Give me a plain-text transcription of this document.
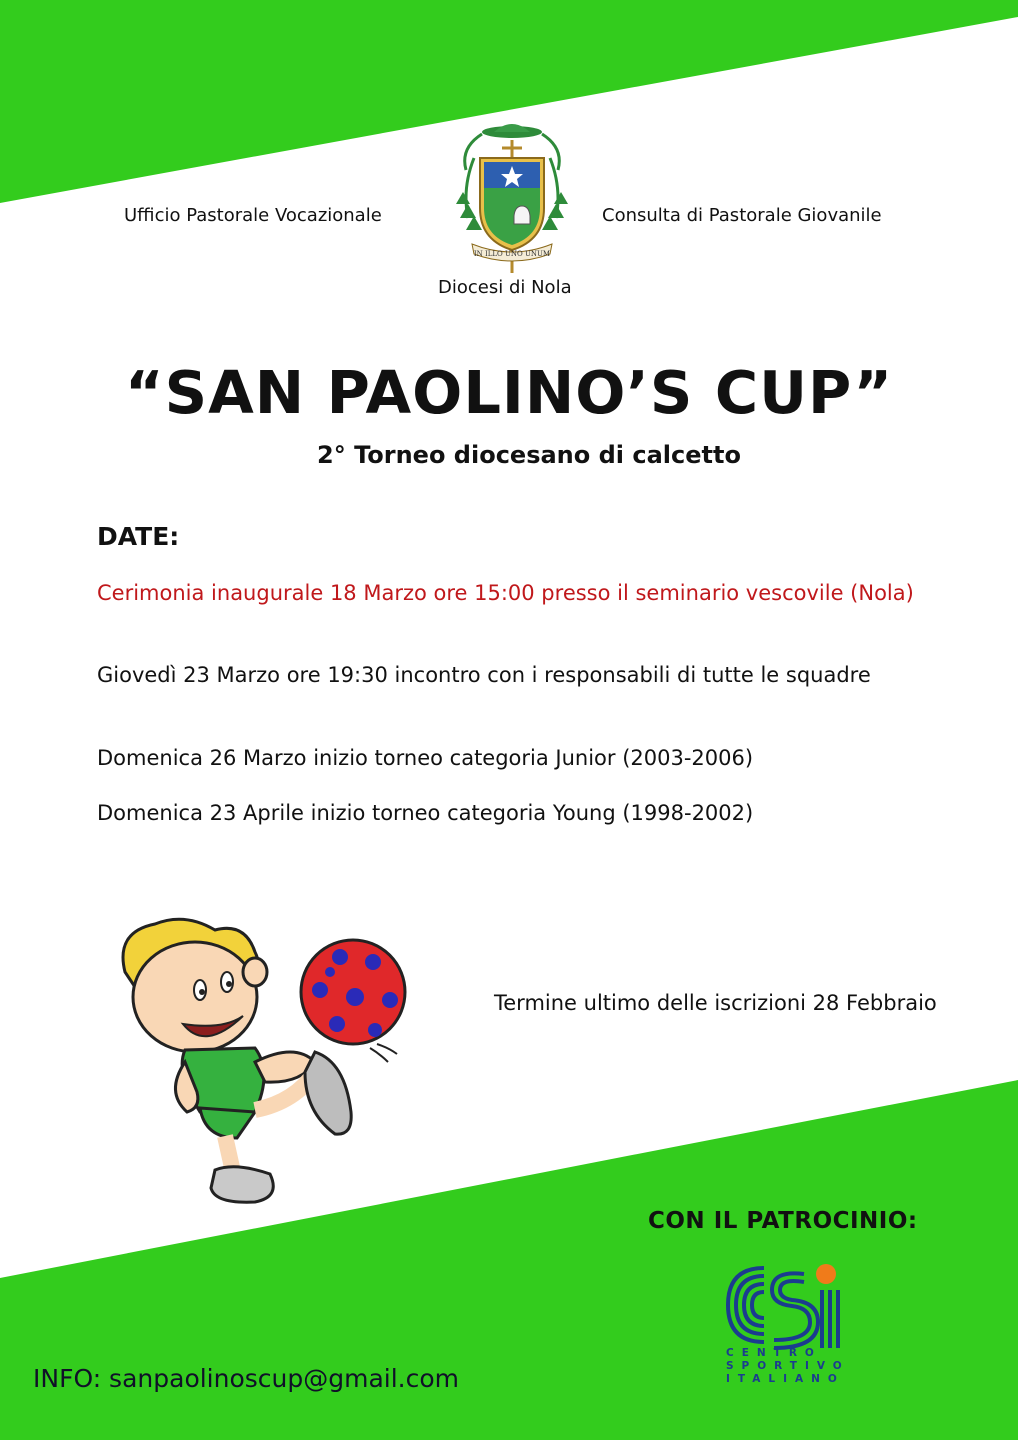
IN ILLO UNO UNUM
Ufficio Pastorale Vocazionale	Consulta di Pastorale Giovanile
Diocesi di Nola
“SAN PAOLINO’S CUP”
2° Torneo diocesano di calcetto
DATE:
Cerimonia inaugurale 18 Marzo ore 15:00 presso il seminario vescovile (Nola)
Giovedì 23 Marzo ore 19:30 incontro con i responsabili di tutte le squadre
Domenica 26 Marzo inizio torneo categoria Junior (2003-2006)
Domenica 23 Aprile inizio torneo categoria Young (1998-2002)
Termine ultimo delle iscrizioni 28 Febbraio
CON IL PATROCINIO:
CENTRO
SPORTIVO
ITALIANO
INFO: sanpaolinoscup@gmail.com
